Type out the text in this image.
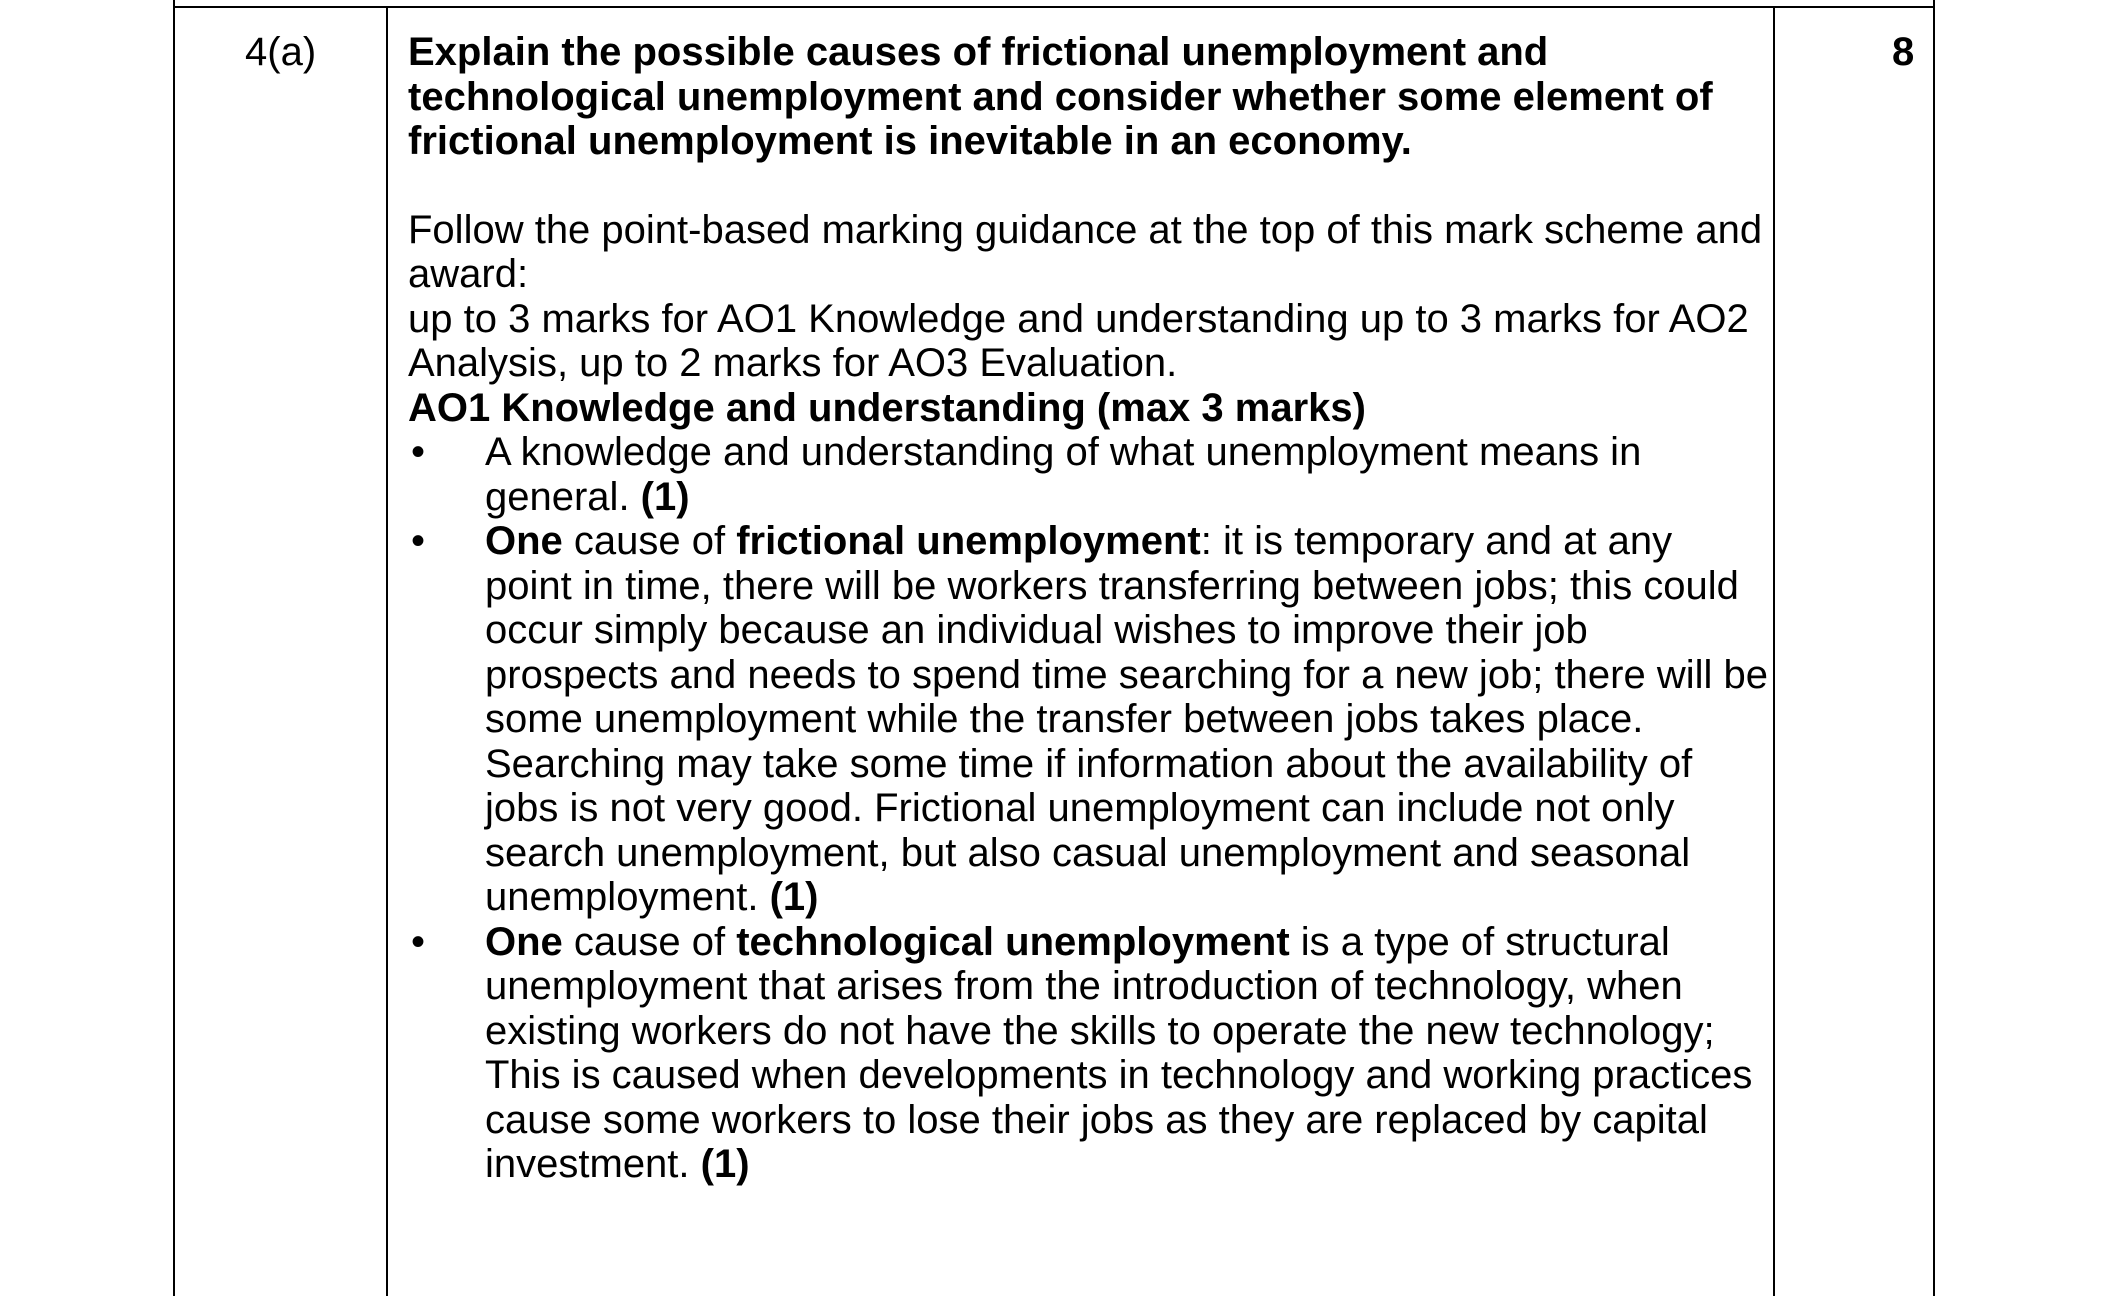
4(a)	8

Explain the possible causes of frictional unemployment and technological unemployment and consider whether some element of frictional unemployment is inevitable in an economy.

Follow the point-based marking guidance at the top of this mark scheme and award:

up to 3 marks for AO1 Knowledge and understanding up to 3 marks for AO2 Analysis, up to 2 marks for AO3 Evaluation.

AO1 Knowledge and understanding (max 3 marks)

• A knowledge and understanding of what unemployment means in general. (1)
• One cause of frictional unemployment: it is temporary and at any point in time, there will be workers transferring between jobs; this could occur simply because an individual wishes to improve their job prospects and needs to spend time searching for a new job; there will be some unemployment while the transfer between jobs takes place. Searching may take some time if information about the availability of jobs is not very good. Frictional unemployment can include not only search unemployment, but also casual unemployment and seasonal unemployment. (1)
• One cause of technological unemployment is a type of structural unemployment that arises from the introduction of technology, when existing workers do not have the skills to operate the new technology; This is caused when developments in technology and working practices cause some workers to lose their jobs as they are replaced by capital investment. (1)
